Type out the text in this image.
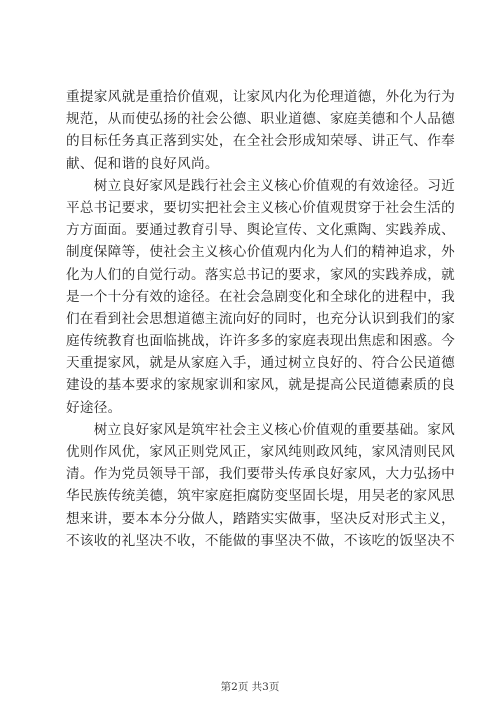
重提家风就是重拾价值观，让家风内化为伦理道德，外化为行为
规范，从而使弘扬的社会公德、职业道德、家庭美德和个人品德
的目标任务真正落到实处，在全社会形成知荣辱、讲正气、作奉
献、促和谐的良好风尚。
　　树立良好家风是践行社会主义核心价值观的有效途径。习近
平总书记要求，要切实把社会主义核心价值观贯穿于社会生活的
方方面面。要通过教育引导、舆论宣传、文化熏陶、实践养成、
制度保障等，使社会主义核心价值观内化为人们的精神追求，外
化为人们的自觉行动。落实总书记的要求，家风的实践养成，就
是一个十分有效的途径。在社会急剧变化和全球化的进程中，我
们在看到社会思想道德主流向好的同时，也充分认识到我们的家
庭传统教育也面临挑战，许许多多的家庭表现出焦虑和困惑。今
天重提家风，就是从家庭入手，通过树立良好的、符合公民道德
建设的基本要求的家规家训和家风，就是提高公民道德素质的良
好途径。
　　树立良好家风是筑牢社会主义核心价值观的重要基础。家风
优则作风优，家风正则党风正，家风纯则政风纯，家风清则民风
清。作为党员领导干部，我们要带头传承良好家风，大力弘扬中
华民族传统美德，筑牢家庭拒腐防变坚固长堤，用吴老的家风思
想来讲，要本本分分做人，踏踏实实做事，坚决反对形式主义，
不该收的礼坚决不收，不能做的事坚决不做，不该吃的饭坚决不
第2页 共3页
